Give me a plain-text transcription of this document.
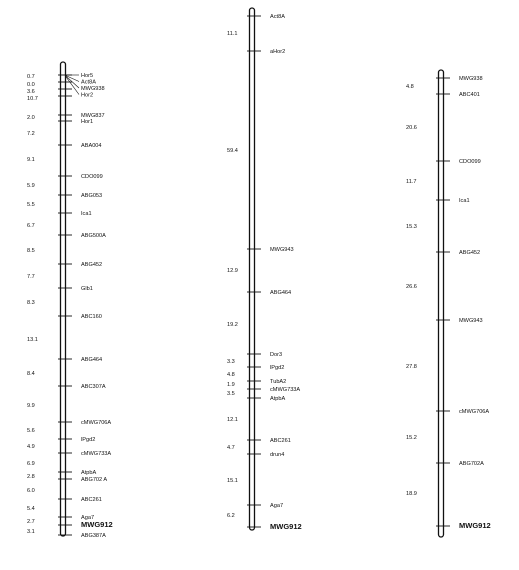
Hor5
Act8A
MWG938
Hor2
MWG837
Hor1
ABA004
CDO099
ABG053
Ica1
ABG500A
ABG452
Glb1
ABC160
ABG464
ABC307A
cMWG706A
lPgd2
cMWG733A
AtpbA
ABG702 A
ABC261
Aga7
MWG912
ABG387A
0.7
0.0
3.6
10.7
2.0
7.2
9.1
5.9
5.5
6.7
8.5
7.7
8.3
13.1
8.4
9.9
5.6
4.9
6.9
2.8
6.0
5.4
2.7
3.1
Act8A
aHor2
MWG943
ABG464
Dor3
lPgd2
TubA2
cMWG733A
AtpbA
ABC261
drun4
Aga7
MWG912
11.1
59.4
12.9
19.2
3.3
4.8
1.9
3.5
12.1
4.7
15.1
6.2
MWG938
ABC401
CDO099
Ica1
ABG452
MWG943
cMWG706A
ABG702A
MWG912
4.8
20.6
11.7
15.3
26.6
27.8
15.2
18.9
